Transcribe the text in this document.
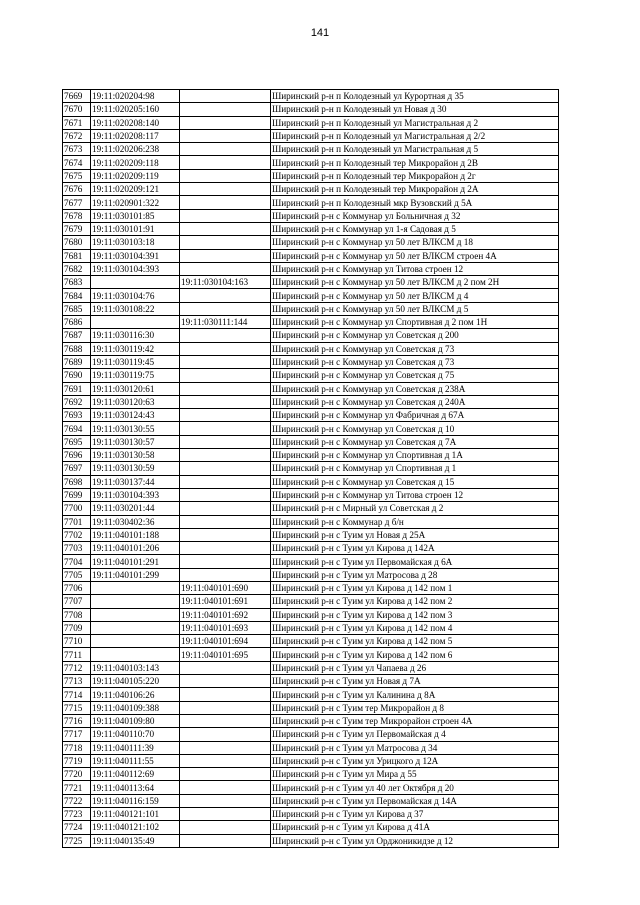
141
7669	19:11:020204:98		Ширинский р-н п Колодезный ул Курортная д 35
7670	19:11:020205:160		Ширинский р-н п Колодезный ул Новая д 30
7671	19:11:020208:140		Ширинский р-н п Колодезный ул Магистральная д 2
7672	19:11:020208:117		Ширинский р-н п Колодезный ул Магистральная д 2/2
7673	19:11:020206:238		Ширинский р-н п Колодезный ул Магистральная д 5
7674	19:11:020209:118		Ширинский р-н п Колодезный тер Микрорайон д 2В
7675	19:11:020209:119		Ширинский р-н п Колодезный тер Микрорайон д 2г
7676	19:11:020209:121		Ширинский р-н п Колодезный тер Микрорайон д 2А
7677	19:11:020901:322		Ширинский р-н п Колодезный мкр Вузовский д 5А
7678	19:11:030101:85		Ширинский р-н с Коммунар ул Больничная д 32
7679	19:11:030101:91		Ширинский р-н с Коммунар ул 1-я Садовая д 5
7680	19:11:030103:18		Ширинский р-н с Коммунар ул 50 лет ВЛКСМ д 18
7681	19:11:030104:391		Ширинский р-н с Коммунар ул 50 лет ВЛКСМ строен 4А
7682	19:11:030104:393		Ширинский р-н с Коммунар ул Титова строен 12
7683		19:11:030104:163	Ширинский р-н с Коммунар ул 50 лет ВЛКСМ д 2 пом 2Н
7684	19:11:030104:76		Ширинский р-н с Коммунар ул 50 лет ВЛКСМ д 4
7685	19:11:030108:22		Ширинский р-н с Коммунар ул 50 лет ВЛКСМ д 5
7686		19:11:030111:144	Ширинский р-н с Коммунар ул Спортивная д 2 пом 1Н
7687	19:11:030116:30		Ширинский р-н с Коммунар ул Советская д 200
7688	19:11:030119:42		Ширинский р-н с Коммунар ул Советская д 73
7689	19:11:030119:45		Ширинский р-н с Коммунар ул Советская д 73
7690	19:11:030119:75		Ширинский р-н с Коммунар ул Советская д 75
7691	19:11:030120:61		Ширинский р-н с Коммунар ул Советская д 238А
7692	19:11:030120:63		Ширинский р-н с Коммунар ул Советская д 240А
7693	19:11:030124:43		Ширинский р-н с Коммунар ул Фабричная д 67А
7694	19:11:030130:55		Ширинский р-н с Коммунар ул Советская д 10
7695	19:11:030130:57		Ширинский р-н с Коммунар ул Советская д 7А
7696	19:11:030130:58		Ширинский р-н с Коммунар ул Спортивная д 1А
7697	19:11:030130:59		Ширинский р-н с Коммунар ул Спортивная д 1
7698	19:11:030137:44		Ширинский р-н с Коммунар ул Советская д 15
7699	19:11:030104:393		Ширинский р-н с Коммунар ул Титова строен 12
7700	19:11:030201:44		Ширинский р-н с Мирный ул Советская д 2
7701	19:11:030402:36		Ширинский р-н с Коммунар д б/н
7702	19:11:040101:188		Ширинский р-н с Туим ул Новая д 25А
7703	19:11:040101:206		Ширинский р-н с Туим ул Кирова д 142А
7704	19:11:040101:291		Ширинский р-н с Туим ул Первомайская д 6А
7705	19:11:040101:299		Ширинский р-н с Туим ул Матросова д 28
7706		19:11:040101:690	Ширинский р-н с Туим ул Кирова д 142 пом 1
7707		19:11:040101:691	Ширинский р-н с Туим ул Кирова д 142 пом 2
7708		19:11:040101:692	Ширинский р-н с Туим ул Кирова д 142 пом 3
7709		19:11:040101:693	Ширинский р-н с Туим ул Кирова д 142 пом 4
7710		19:11:040101:694	Ширинский р-н с Туим ул Кирова д 142 пом 5
7711		19:11:040101:695	Ширинский р-н с Туим ул Кирова д 142 пом 6
7712	19:11:040103:143		Ширинский р-н с Туим ул Чапаева д 26
7713	19:11:040105:220		Ширинский р-н с Туим ул Новая д 7А
7714	19:11:040106:26		Ширинский р-н с Туим ул Калинина д 8А
7715	19:11:040109:388		Ширинский р-н с Туим тер Микрорайон д 8
7716	19:11:040109:80		Ширинский р-н с Туим тер Микрорайон строен 4А
7717	19:11:040110:70		Ширинский р-н с Туим ул Первомайская д 4
7718	19:11:040111:39		Ширинский р-н с Туим ул Матросова д 34
7719	19:11:040111:55		Ширинский р-н с Туим ул Урицкого д 12А
7720	19:11:040112:69		Ширинский р-н с Туим ул Мира д 55
7721	19:11:040113:64		Ширинский р-н с Туим ул 40 лет Октября д 20
7722	19:11:040116:159		Ширинский р-н с Туим ул Первомайская д 14А
7723	19:11:040121:101		Ширинский р-н с Туим ул Кирова д 37
7724	19:11:040121:102		Ширинский р-н с Туим ул Кирова д 41А
7725	19:11:040135:49		Ширинский р-н с Туим ул Орджоникидзе д 12
